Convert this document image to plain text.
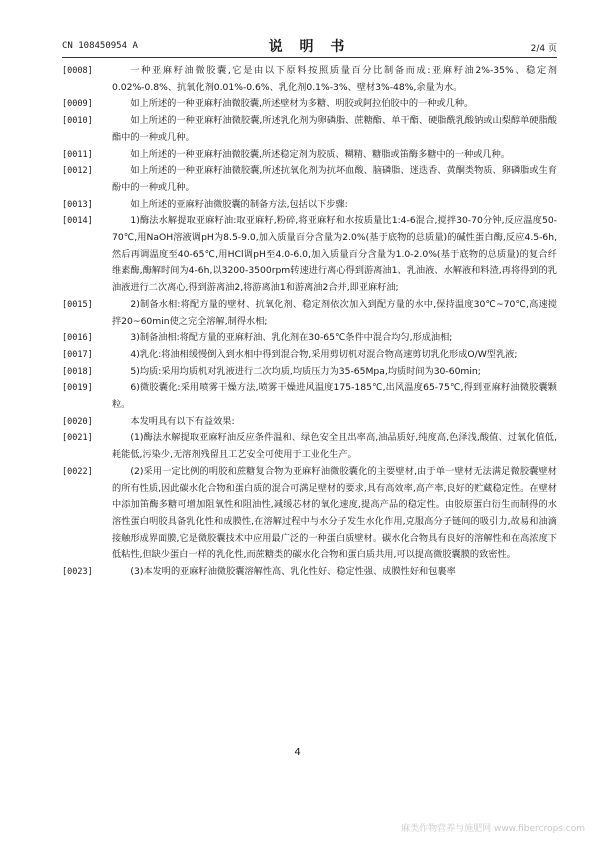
CN 108450954 A	说 明 书	2/4 页
[0008]	一种亚麻籽油微胶囊,它是由以下原料按照质量百分比制备而成:亚麻籽油2%-35%、稳定剂0.02%-0.8%、抗氧化剂0.01%-0.6%、乳化剂0.1%-3%、壁材3%-48%,余量为水。
[0009]	如上所述的一种亚麻籽油微胶囊,所述壁材为多糖、明胶或阿拉伯胶中的一种或几种。
[0010]	如上所述的一种亚麻籽油微胶囊,所述乳化剂为卵磷脂、蔗糖酯、单干酯、硬脂酰乳酸钠或山梨醇单硬脂酸酯中的一种或几种。
[0011]	如上所述的一种亚麻籽油微胶囊,所述稳定剂为胶质、糊精、糖脂或笛酶多糖中的一种或几种。
[0012]	如上所述的一种亚麻籽油微胶囊,所述抗氧化剂为抗坏血酸、脑磷脂、迷迭香、黄酮类物质、卵磷脂或生育酚中的一种或几种。
[0013]	如上所述的亚麻籽油微胶囊的制备方法,包括以下步骤:
[0014]	1)酶法水解提取亚麻籽油:取亚麻籽,粉碎,将亚麻籽和水按质量比1:4-6混合,搅拌30-70分钟,反应温度50-70℃,用NaOH溶液调pH为8.5-9.0,加入质量百分含量为2.0%(基于底物的总质量)的碱性蛋白酶,反应4.5-6h,然后再调温度至40-65℃,用HCl调pH至4.0-6.0,加入质量百分含量为1.0-2.0%(基于底物的总质量)的复合纤维素酶,酶解时间为4-6h,以3200-3500rpm转速进行离心得到游离油1、乳油液、水解液和料渣,再将得到的乳油液进行二次离心,得到游离油2,将游离油1和游离油2合并,即亚麻籽油;
[0015]	2)制备水相:将配方量的壁材、抗氧化剂、稳定剂依次加入到配方量的水中,保持温度30℃~70℃,高速搅拌20~60min使之完全溶解,制得水相;
[0016]	3)制备油相:将配方量的亚麻籽油、乳化剂在30-65℃条件中混合均匀,形成油相;
[0017]	4)乳化:将油相缓慢倒入到水相中得到混合物,采用剪切机对混合物高速剪切乳化形成O/W型乳液;
[0018]	5)均质:采用均质机对乳液进行二次均质,均质压力为35-65Mpa,均质时间为30-60min;
[0019]	6)微胶囊化:采用喷雾干燥方法,喷雾干燥进风温度175-185℃,出风温度65-75℃,得到亚麻籽油微胶囊颗粒。
[0020]	本发明具有以下有益效果:
[0021]	(1)酶法水解提取亚麻籽油反应条件温和、绿色安全且出率高,油品质好,纯度高,色泽浅,酸值、过氧化值低,耗能低,污染少,无溶剂残留且工艺安全可使用于工业化生产。
[0022]	(2)采用一定比例的明胶和蔗糖复合物为亚麻籽油微胶囊化的主要壁材,由于单一壁材无法满足微胶囊壁材的所有性质,因此碳水化合物和蛋白质的混合可满足壁材的要求,具有高效率,高产率,良好的贮藏稳定性。在壁材中添加笛酶多糖可增加阻氧性和阻油性,减缓芯材的氧化速度,提高产品的稳定性。由胶原蛋白衍生而制得的水溶性蛋白明胶具备乳化性和成膜性,在溶解过程中与水分子发生水化作用,克服高分子链间的吸引力,故易和油滴接触形成界面膜,它是微胶囊技术中应用最广泛的一种蛋白质壁材。碳水化合物具有良好的溶解性和在高浓度下低粘性,但缺少蛋白一样的乳化性,而蔗糖类的碳水化合物和蛋白质共用,可以提高微胶囊膜的致密性。
[0023]	(3)本发明的亚麻籽油微胶囊溶解性高、乳化性好、稳定性强、成膜性好和包裹率
4
麻类作物营养与施肥网 www.fibercrops.com
